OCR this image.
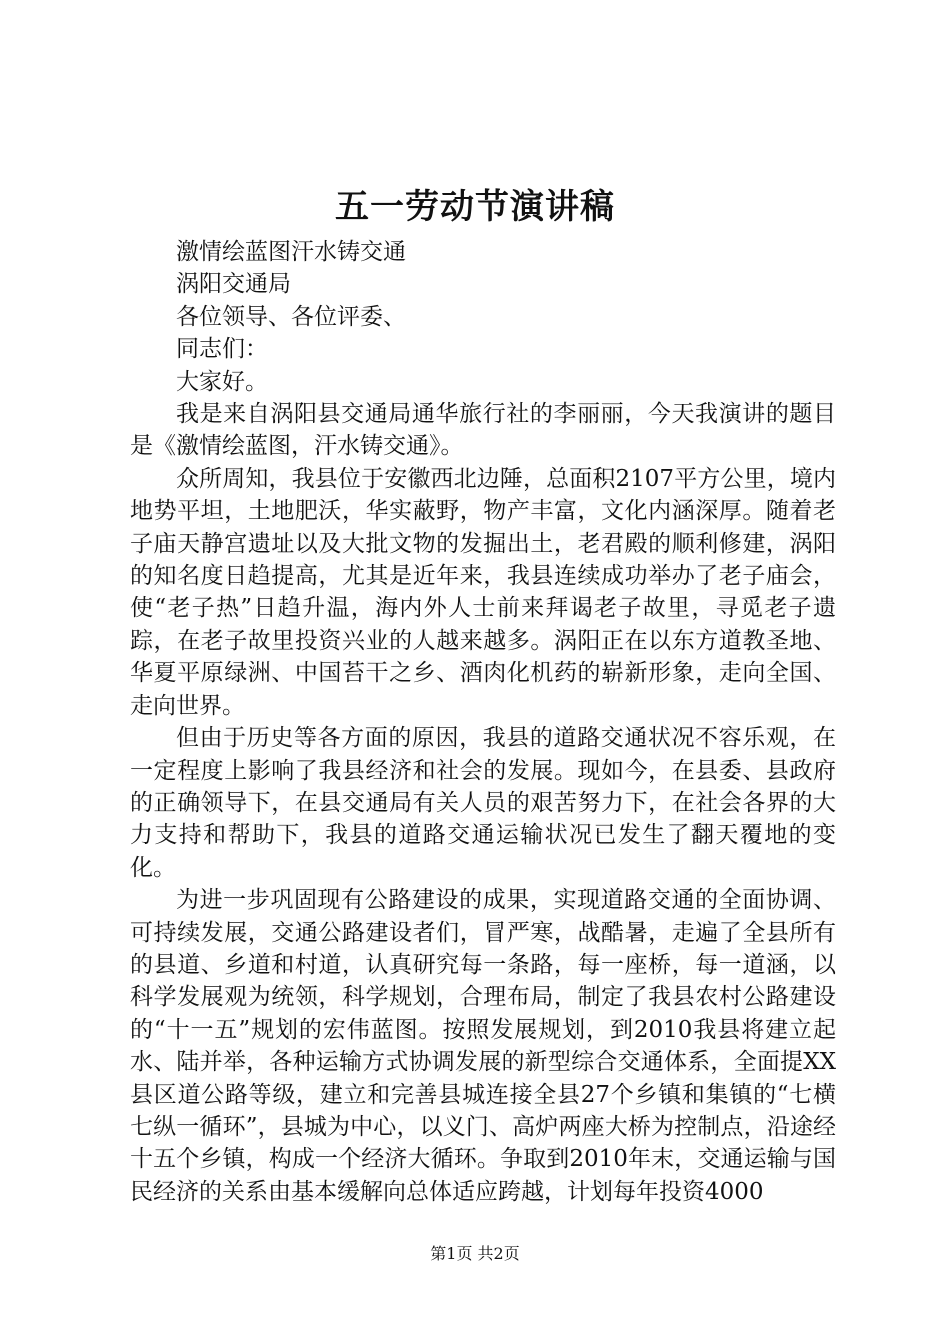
五一劳动节演讲稿

激情绘蓝图汗水铸交通

涡阳交通局

各位领导、各位评委、

同志们：

大家好。

我是来自涡阳县交通局通华旅行社的李丽丽，今天我演讲的题目是《激情绘蓝图，汗水铸交通》。

众所周知，我县位于安徽西北边陲，总面积2107平方公里，境内地势平坦，土地肥沃，华实蔽野，物产丰富，文化内涵深厚。随着老子庙天静宫遗址以及大批文物的发掘出土，老君殿的顺利修建，涡阳的知名度日趋提高，尤其是近年来，我县连续成功举办了老子庙会，使“老子热”日趋升温，海内外人士前来拜谒老子故里，寻觅老子遗踪，在老子故里投资兴业的人越来越多。涡阳正在以东方道教圣地、华夏平原绿洲、中国苔干之乡、酒肉化机药的崭新形象，走向全国、走向世界。

但由于历史等各方面的原因，我县的道路交通状况不容乐观，在一定程度上影响了我县经济和社会的发展。现如今，在县委、县政府的正确领导下，在县交通局有关人员的艰苦努力下，在社会各界的大力支持和帮助下，我县的道路交通运输状况已发生了翻天覆地的变化。

为进一步巩固现有公路建设的成果，实现道路交通的全面协调、可持续发展，交通公路建设者们，冒严寒，战酷暑，走遍了全县所有的县道、乡道和村道，认真研究每一条路，每一座桥，每一道涵，以科学发展观为统领，科学规划，合理布局，制定了我县农村公路建设的“十一五”规划的宏伟蓝图。按照发展规划，到2010我县将建立起水、陆并举，各种运输方式协调发展的新型综合交通体系，全面提XX县区道公路等级，建立和完善县城连接全县27个乡镇和集镇的“七横七纵一循环”，县城为中心，以义门、高炉两座大桥为控制点，沿途经十五个乡镇，构成一个经济大循环。争取到2010年末，交通运输与国民经济的关系由基本缓解向总体适应跨越，计划每年投资4000

第1页 共2页
